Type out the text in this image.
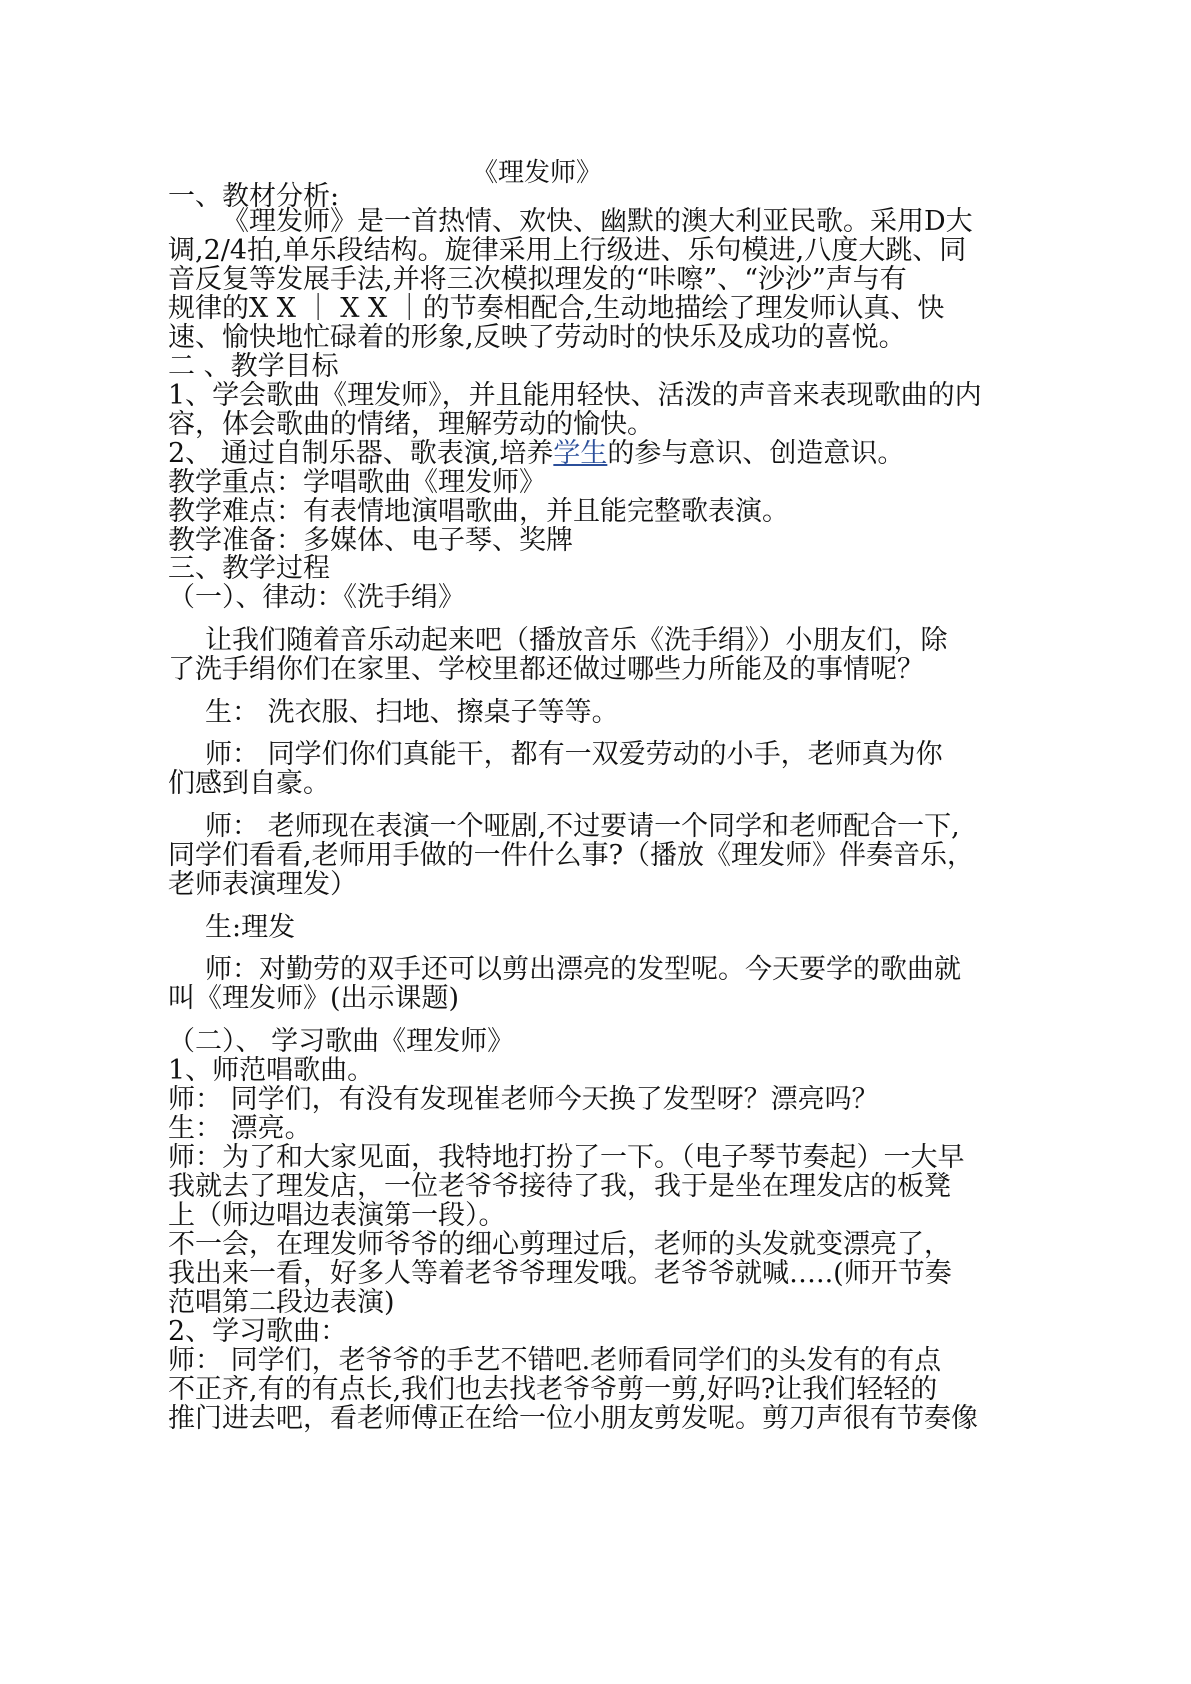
《理发师》
一、教材分析:
《理发师》是一首热情、欢快、幽默的澳大利亚民歌。采用D大
调,2/4拍,单乐段结构。旋律采用上行级进、乐句模进,八度大跳、同
音反复等发展手法,并将三次模拟理发的“咔嚓”、“沙沙”声与有
规律的X X ｜ X X ｜的节奏相配合,生动地描绘了理发师认真、快
速、愉快地忙碌着的形象,反映了劳动时的快乐及成功的喜悦。
二 、教学目标
1、学会歌曲《理发师》，并且能用轻快、活泼的声音来表现歌曲的内
容，体会歌曲的情绪，理解劳动的愉快。
2、 通过自制乐器、歌表演,培养学生的参与意识、创造意识。
教学重点：学唱歌曲《理发师》
教学难点：有表情地演唱歌曲，并且能完整歌表演。
教学准备：多媒体、电子琴、奖牌
三、教学过程
（一）、律动：《洗手绢》
让我们随着音乐动起来吧（播放音乐《洗手绢》）小朋友们，除
了洗手绢你们在家里、学校里都还做过哪些力所能及的事情呢？
生： 洗衣服、扫地、擦桌子等等。
师： 同学们你们真能干，都有一双爱劳动的小手，老师真为你
们感到自豪。
师： 老师现在表演一个哑剧,不过要请一个同学和老师配合一下,
同学们看看,老师用手做的一件什么事?（播放《理发师》伴奏音乐，
老师表演理发）
生:理发
师：对勤劳的双手还可以剪出漂亮的发型呢。今天要学的歌曲就
叫《理发师》(出示课题)
（二）、 学习歌曲《理发师》
1、师范唱歌曲。
师： 同学们，有没有发现崔老师今天换了发型呀？漂亮吗？
生： 漂亮。
师：为了和大家见面，我特地打扮了一下。（电子琴节奏起）一大早
我就去了理发店，一位老爷爷接待了我，我于是坐在理发店的板凳
上（师边唱边表演第一段）。
不一会，在理发师爷爷的细心剪理过后，老师的头发就变漂亮了，
我出来一看，好多人等着老爷爷理发哦。老爷爷就喊…..(师开节奏
范唱第二段边表演)
2、学习歌曲：
师： 同学们，老爷爷的手艺不错吧.老师看同学们的头发有的有点
不正齐,有的有点长,我们也去找老爷爷剪一剪,好吗?让我们轻轻的
推门进去吧，看老师傅正在给一位小朋友剪发呢。剪刀声很有节奏像
